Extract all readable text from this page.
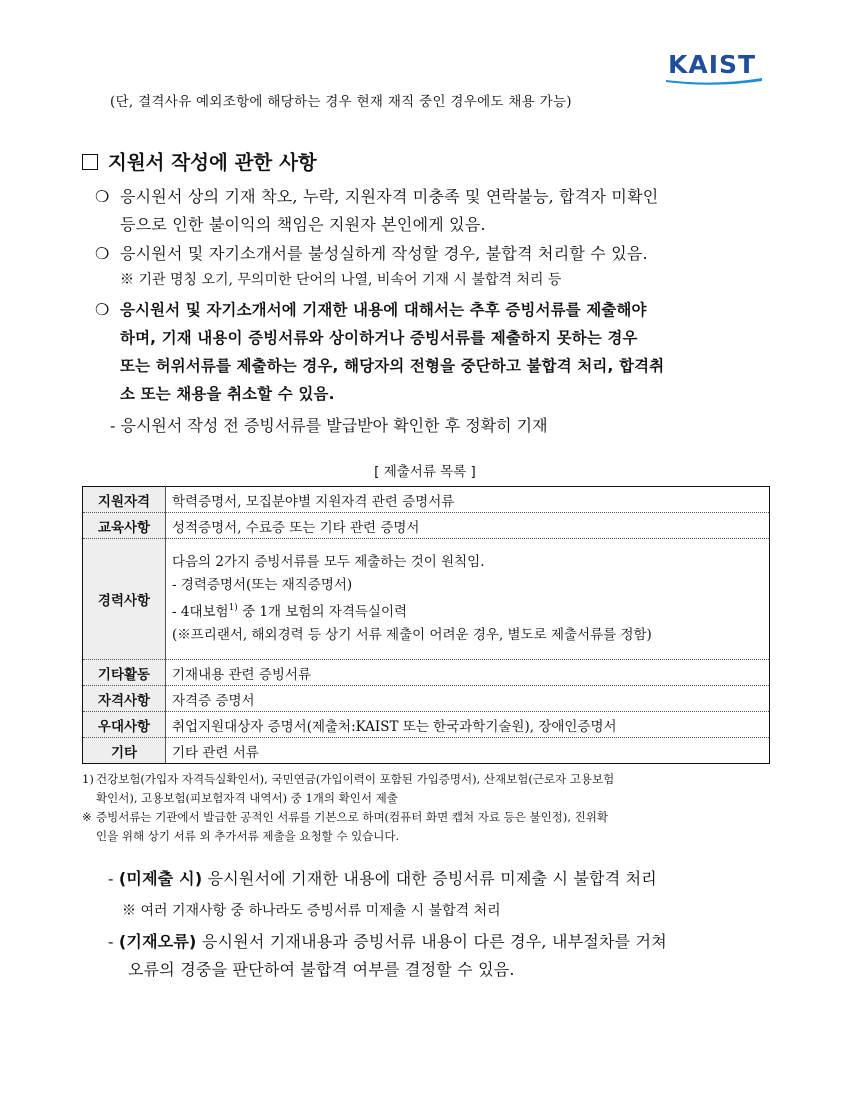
KAIST
(단, 결격사유 예외조항에 해당하는 경우 현재 재직 중인 경우에도 채용 가능)
지원서 작성에 관한 사항
❍ 응시원서 상의 기재 착오, 누락, 지원자격 미충족 및 연락불능, 합격자 미확인
등으로 인한 불이익의 책임은 지원자 본인에게 있음.
❍ 응시원서 및 자기소개서를 불성실하게 작성할 경우, 불합격 처리할 수 있음.
※ 기관 명칭 오기, 무의미한 단어의 나열, 비속어 기재 시 불합격 처리 등
❍ 응시원서 및 자기소개서에 기재한 내용에 대해서는 추후 증빙서류를 제출해야
하며, 기재 내용이 증빙서류와 상이하거나 증빙서류를 제출하지 못하는 경우
또는 허위서류를 제출하는 경우, 해당자의 전형을 중단하고 불합격 처리, 합격취
소 또는 채용을 취소할 수 있음.
- 응시원서 작성 전 증빙서류를 발급받아 확인한 후 정확히 기재
[ 제출서류 목록 ]
지원자격	학력증명서, 모집분야별 지원자격 관련 증명서류
교육사항	성적증명서, 수료증 또는 기타 관련 증명서
경력사항	다음의 2가지 증빙서류를 모두 제출하는 것이 원칙임.
- 경력증명서(또는 재직증명서)
- 4대보험$^{1)}$ 중 1개 보험의 자격득실이력
(※프리랜서, 해외경력 등 상기 서류 제출이 어려운 경우, 별도로 제출서류를 정함)

기타활동	기재내용 관련 증빙서류
자격사항	자격증 증명서
우대사항	취업지원대상자 증명서(제출처:KAIST 또는 한국과학기술원), 장애인증명서
기타	기타 관련 서류
1) 건강보험(가입자 자격득실확인서), 국민연금(가입이력이 포함된 가입증명서), 산재보험(근로자 고용보험
확인서), 고용보험(피보험자격 내역서) 중 1개의 확인서 제출
※ 증빙서류는 기관에서 발급한 공적인 서류를 기본으로 하며(컴퓨터 화면 캡쳐 자료 등은 불인정), 진위확
인을 위해 상기 서류 외 추가서류 제출을 요청할 수 있습니다.
- (미제출 시) 응시원서에 기재한 내용에 대한 증빙서류 미제출 시 불합격 처리
※ 여러 기재사항 중 하나라도 증빙서류 미제출 시 불합격 처리
- (기재오류) 응시원서 기재내용과 증빙서류 내용이 다른 경우, 내부절차를 거쳐
오류의 경중을 판단하여 불합격 여부를 결정할 수 있음.
